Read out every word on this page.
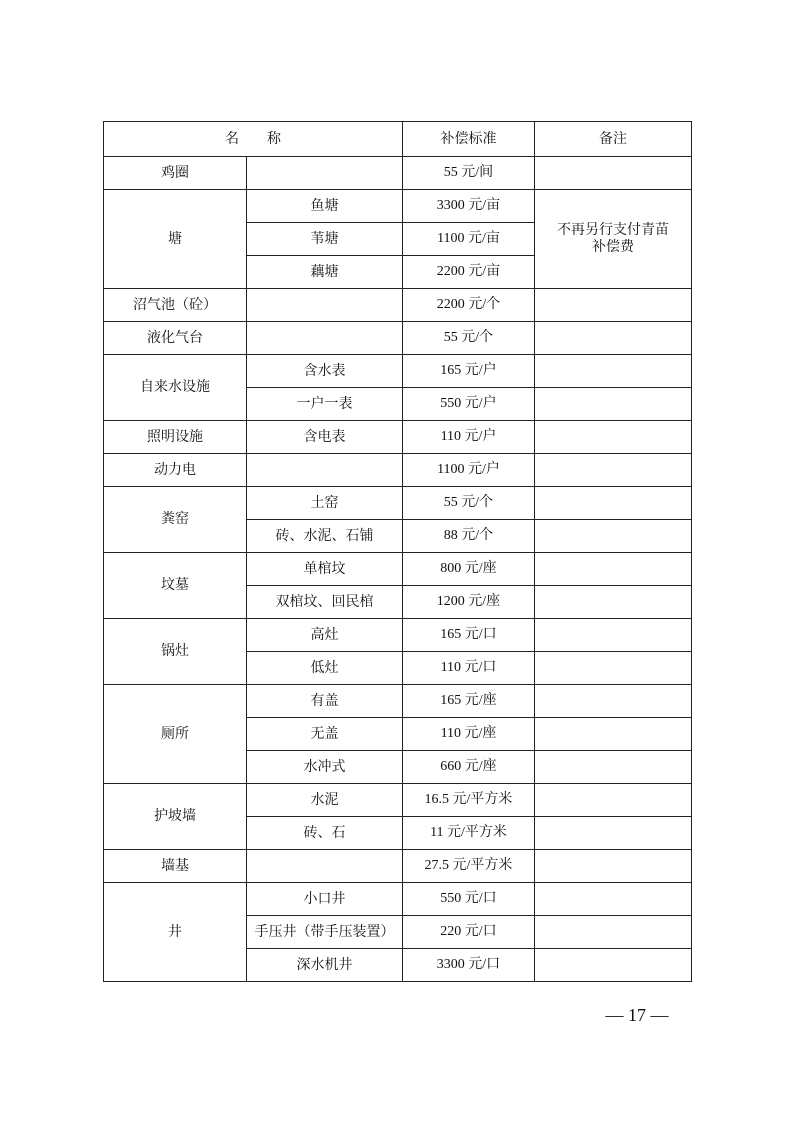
名称		补偿标准	备注
鸡圈		55 元/间	
塘	鱼塘	3300 元/亩	不再另行支付青苗补偿费

	苇塘	1100 元/亩	
	藕塘	2200 元/亩	
沼气池（砼）		2200 元/个	
液化气台		55 元/个	
自来水设施	含水表	165 元/户	
	一户一表	550 元/户	
照明设施	含电表	110 元/户	
动力电		1100 元/户	
粪窑	土窑	55 元/个	
	砖、水泥、石铺	88 元/个	
坟墓	单棺坟	800 元/座	
	双棺坟、回民棺	1200 元/座	
锅灶	高灶	165 元/口	
	低灶	110 元/口	
厕所	有盖	165 元/座	
	无盖	110 元/座	
	水冲式	660 元/座	
护坡墙	水泥	16.5 元/平方米	
	砖、石	11 元/平方米	
墙基		27.5 元/平方米	
井	小口井	550 元/口	
	手压井（带手压装置）	220 元/口	
	深水机井	3300 元/口	
— 17 —
